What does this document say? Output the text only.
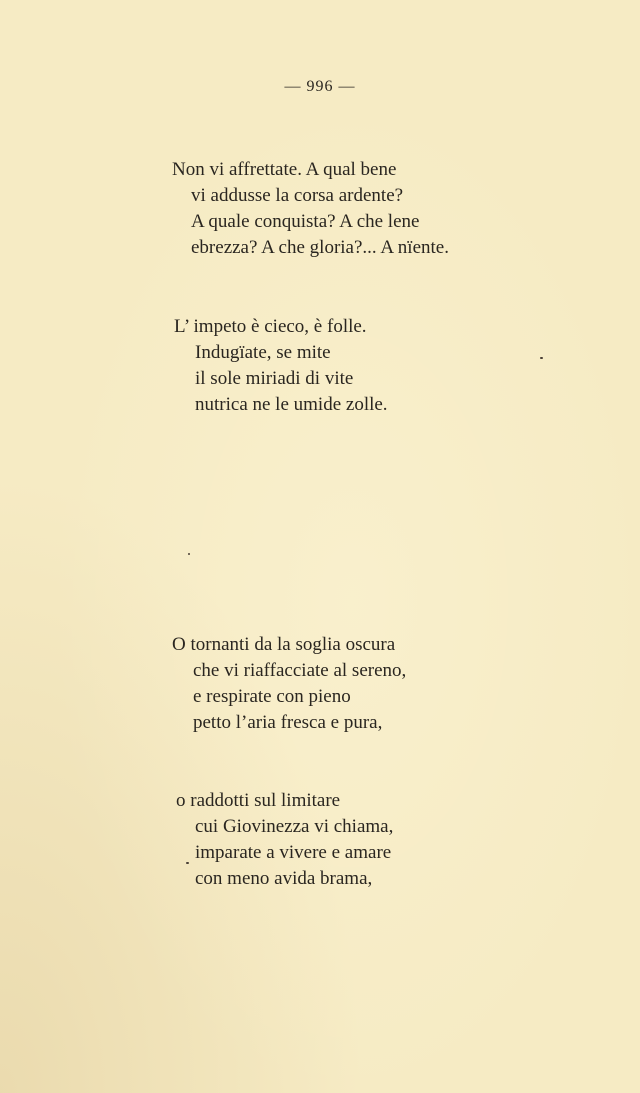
— 996 —
Non vi affrettate. A qual bene
vi addusse la corsa ardente?
A quale conquista? A che lene
ebrezza? A che gloria?... A nïente.
L’ impeto è cieco, è folle.
Indugïate, se mite
il sole miriadi di vite
nutrica ne le umide zolle.
O tornanti da la soglia oscura
che vi riaffacciate al sereno,
e respirate con pieno
petto l’aria fresca e pura,
o raddotti sul limitare
cui Giovinezza vi chiama,
imparate a vivere e amare
con meno avida brama,
